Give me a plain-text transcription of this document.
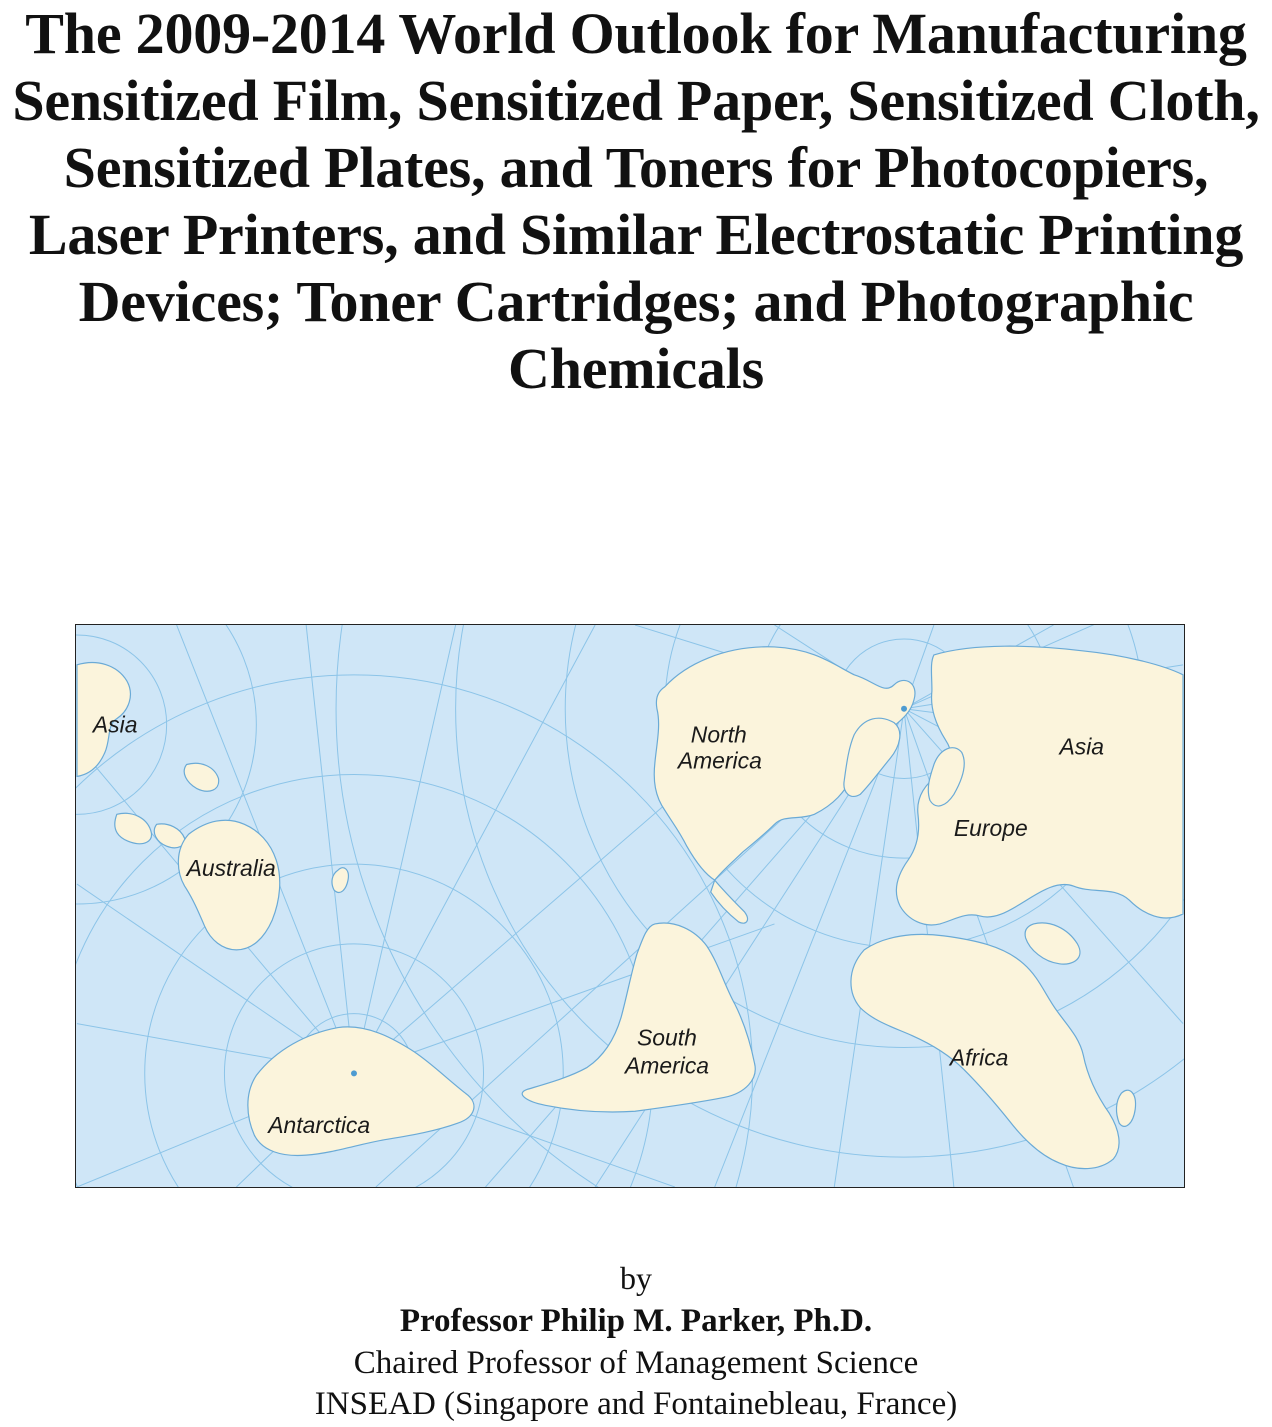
The 2009-2014 World Outlook for Manufacturing
Sensitized Film, Sensitized Paper, Sensitized Cloth,
Sensitized Plates, and Toners for Photocopiers,
Laser Printers, and Similar Electrostatic Printing
Devices; Toner Cartridges; and Photographic
Chemicals
Asia
Australia
Antarctica
North
America
South
America
Europe
Asia
Africa

by

Professor Philip M. Parker, Ph.D.

Chaired Professor of Management Science

INSEAD (Singapore and Fontainebleau, France)
